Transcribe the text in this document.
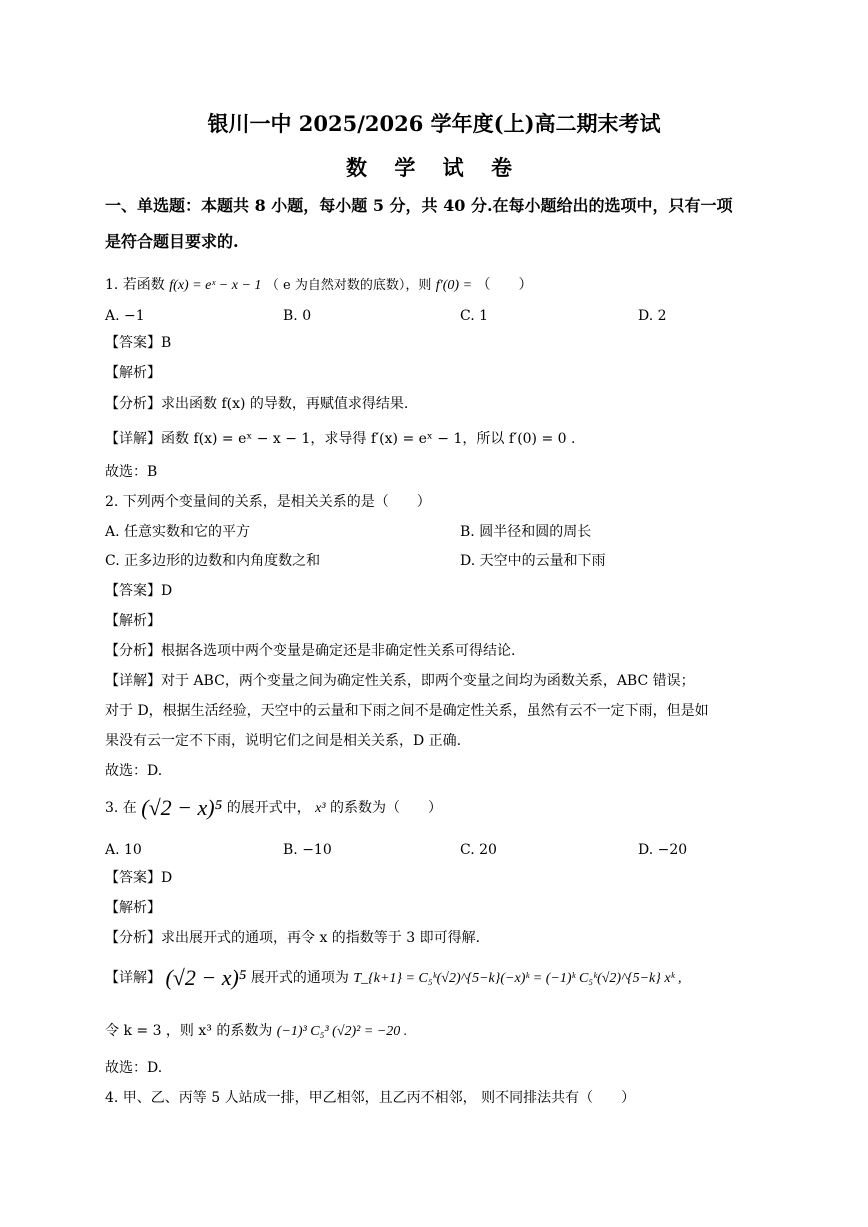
银川一中 2025/2026 学年度(上)高二期末考试
数 学 试 卷
一、单选题：本题共 8 小题，每小题 5 分，共 40 分.在每小题给出的选项中，只有一项
是符合题目要求的.
1. 若函数 f(x) = eˣ − x − 1 （ e 为自然对数的底数），则 f′(0) = （　　）
A. −1	B. 0	C. 1	D. 2
【答案】B
【解析】
【分析】求出函数 f(x) 的导数，再赋值求得结果.
【详解】函数 f(x) = eˣ − x − 1，求导得 f′(x) = eˣ − 1，所以 f′(0) = 0 .
故选：B
2. 下列两个变量间的关系，是相关关系的是（　　）
A. 任意实数和它的平方	B. 圆半径和圆的周长
C. 正多边形的边数和内角度数之和	D. 天空中的云量和下雨
【答案】D
【解析】
【分析】根据各选项中两个变量是确定还是非确定性关系可得结论.
【详解】对于 ABC，两个变量之间为确定性关系，即两个变量之间均为函数关系，ABC 错误；
对于 D，根据生活经验，天空中的云量和下雨之间不是确定性关系，虽然有云不一定下雨，但是如
果没有云一定不下雨，说明它们之间是相关关系，D 正确.
故选：D.
3. 在 (√2 − x)⁵ 的展开式中， x³ 的系数为（　　）
A. 10	B. −10	C. 20	D. −20
【答案】D
【解析】
【分析】求出展开式的通项，再令 x 的指数等于 3 即可得解.
【详解】 (√2 − x)⁵ 展开式的通项为 T_{k+1} = C₅ᵏ(√2)^{5−k}(−x)ᵏ = (−1)ᵏ C₅ᵏ(√2)^{5−k} xᵏ ,
令 k = 3 ，则 x³ 的系数为 (−1)³ C₅³ (√2)² = −20 .
故选：D.
4. 甲、乙、丙等 5 人站成一排，甲乙相邻，且乙丙不相邻， 则不同排法共有（　　）
